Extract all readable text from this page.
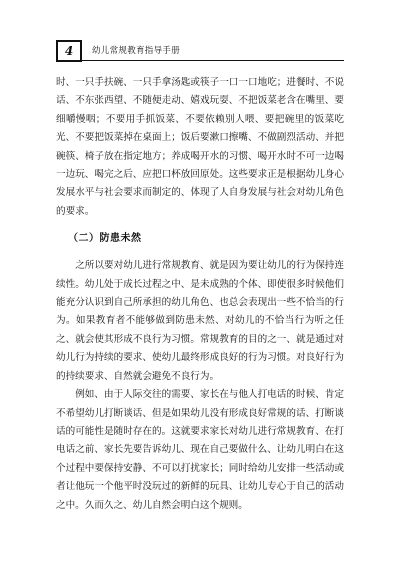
4	幼儿常规教育指导手册

时、一只手扶碗、一只手拿汤匙或筷子一口一口地吃；进餐时、不说话、不东张西望、不随便走动、嬉戏玩耍、不把饭菜老含在嘴里、要细嚼慢咽；不要用手抓饭菜、不要依赖别人喂、要把碗里的饭菜吃光、不要把饭菜掉在桌面上；饭后要漱口擦嘴、不做剧烈活动、并把碗筷、椅子放在指定地方；养成喝开水的习惯、喝开水时不可一边喝一边玩、喝完之后、应把口杯放回原处。这些要求正是根据幼儿身心发展水平与社会要求而制定的、体现了人自身发展与社会对幼儿角色的要求。

（二）防患未然

之所以要对幼儿进行常规教育、就是因为要让幼儿的行为保持连续性。幼儿处于成长过程之中、是未成熟的个体、即使很多时候他们能充分认识到自己所承担的幼儿角色、也总会表现出一些不恰当的行为。如果教育者不能够做到防患未然、对幼儿的不恰当行为听之任之、就会使其形成不良行为习惯。常规教育的目的之一、就是通过对幼儿行为持续的要求、使幼儿最终形成良好的行为习惯。对良好行为的持续要求、自然就会避免不良行为。

例如、由于人际交往的需要、家长在与他人打电话的时候、肯定不希望幼儿打断谈话、但是如果幼儿没有形成良好常规的话、打断谈话的可能性是随时存在的。这就要求家长对幼儿进行常规教育、在打电话之前、家长先要告诉幼儿、现在自己要做什么、让幼儿明白在这个过程中要保持安静、不可以打扰家长；同时给幼儿安排一些活动或者让他玩一个他平时没玩过的新鲜的玩具、让幼儿专心于自己的活动之中。久而久之、幼儿自然会明白这个规则。
